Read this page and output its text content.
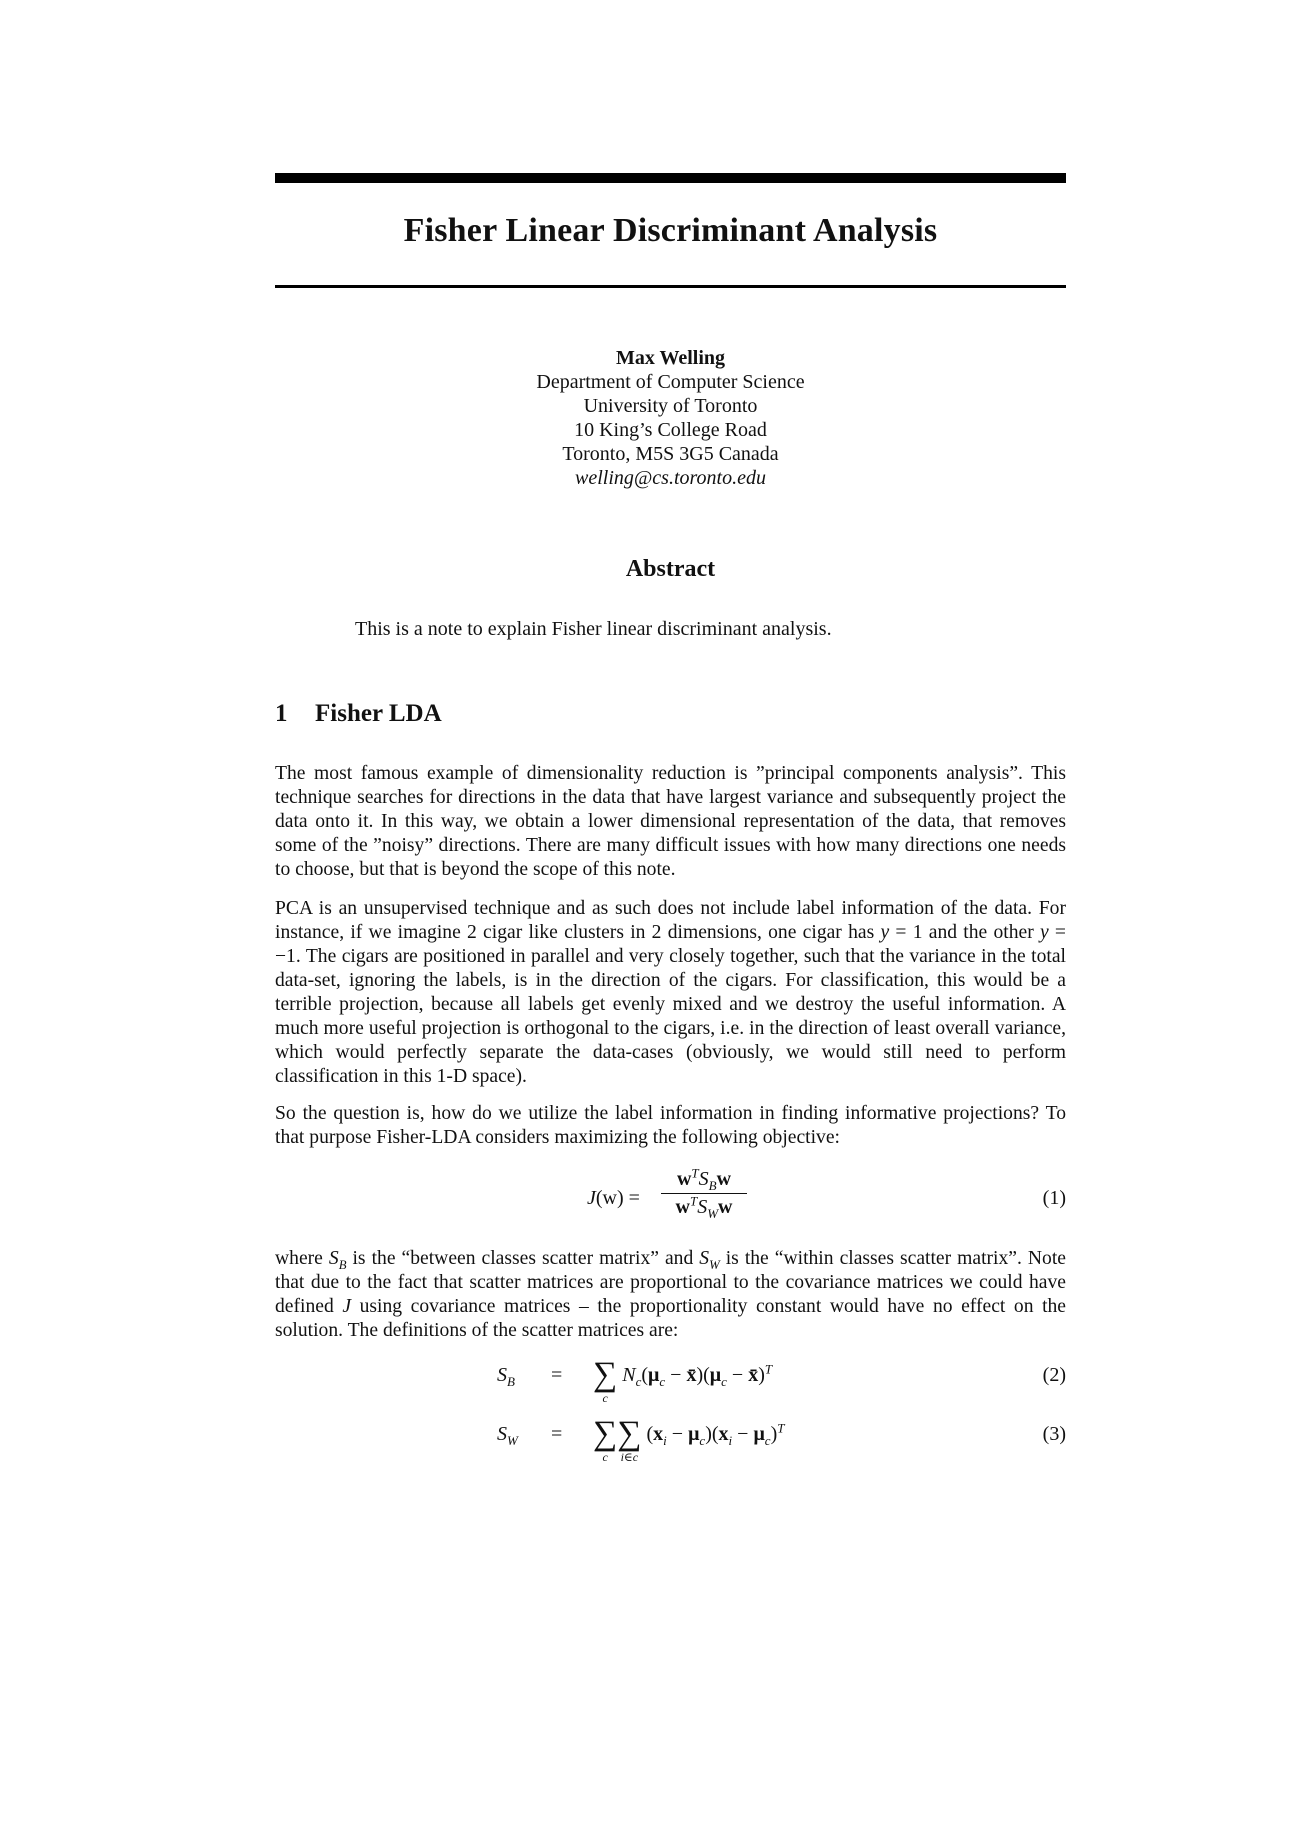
Fisher Linear Discriminant Analysis
Max Welling
Department of Computer Science
University of Toronto
10 King’s College Road
Toronto, M5S 3G5 Canada
welling@cs.toronto.edu
Abstract
This is a note to explain Fisher linear discriminant analysis.
1 Fisher LDA
The most famous example of dimensionality reduction is ”principal components analysis”. This technique searches for directions in the data that have largest variance and subsequently project the data onto it. In this way, we obtain a lower dimensional representation of the data, that removes some of the ”noisy” directions. There are many difficult issues with how many directions one needs to choose, but that is beyond the scope of this note.
PCA is an unsupervised technique and as such does not include label information of the data. For instance, if we imagine 2 cigar like clusters in 2 dimensions, one cigar has y = 1 and the other y = −1. The cigars are positioned in parallel and very closely together, such that the variance in the total data-set, ignoring the labels, is in the direction of the cigars. For classification, this would be a terrible projection, because all labels get evenly mixed and we destroy the useful information. A much more useful projection is orthogonal to the cigars, i.e. in the direction of least overall variance, which would perfectly separate the data-cases (obviously, we would still need to perform classification in this 1-D space).
So the question is, how do we utilize the label information in finding informative projections? To that purpose Fisher-LDA considers maximizing the following objective:
J(w) =
$w^TS_Bw$
$w^TS_Ww$	(1)
where $S_B$ is the “between classes scatter matrix” and $S_W$ is the “within classes scatter matrix”. Note that due to the fact that scatter matrices are proportional to the covariance matrices we could have defined J using covariance matrices – the proportionality constant would have no effect on the solution. The definitions of the scatter matrices are:
$S_B$ = ∑
c
$N_c(\mu_c$ − $x̄)(\mu_c$ − x̄)$^T$	(2)
$S_W$ = ∑
c
∑
i∈c
$(x_i - \mu_c)(x_i - \mu_c)^T$	(3)
